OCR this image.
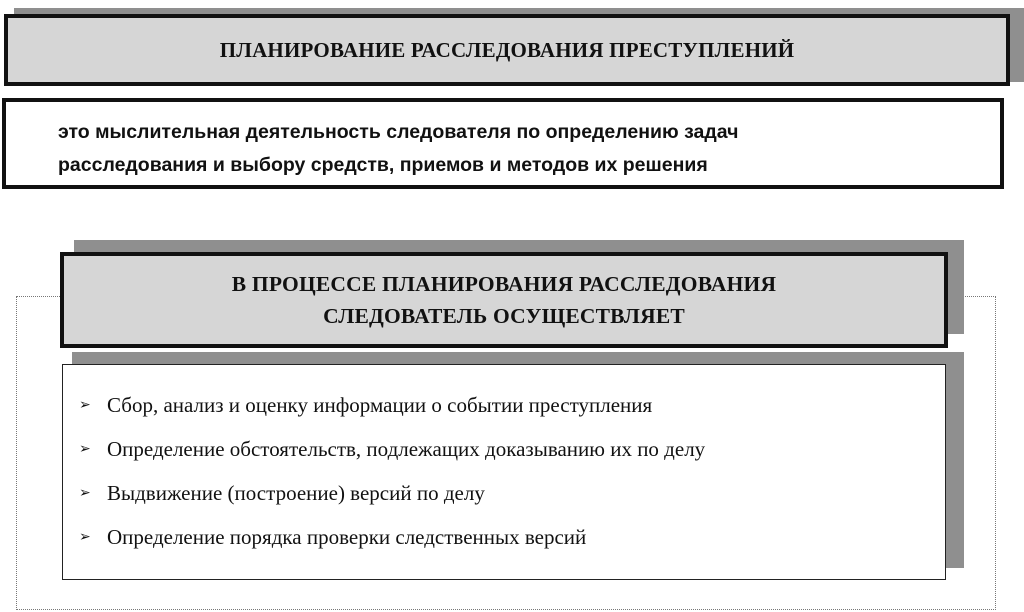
ПЛАНИРОВАНИЕ РАССЛЕДОВАНИЯ ПРЕСТУПЛЕНИЙ
это мыслительная деятельность следователя по определению задач
расследования и выбору средств, приемов и методов их решения
В ПРОЦЕССЕ ПЛАНИРОВАНИЯ РАССЛЕДОВАНИЯ
СЛЕДОВАТЕЛЬ ОСУЩЕСТВЛЯЕТ
➢ Сбор, анализ и оценку информации о событии преступления
➢ Определение обстоятельств, подлежащих доказыванию их по делу
➢ Выдвижение (построение) версий по делу
➢ Определение порядка проверки следственных версий
